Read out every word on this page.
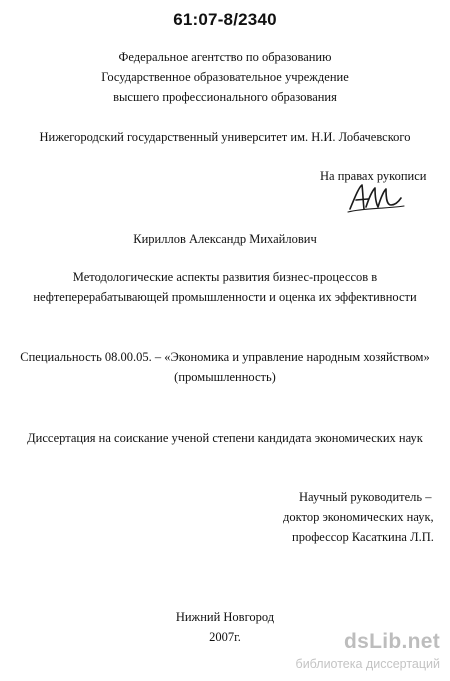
61:07-8/2340
Федеральное агентство по образованию
Государственное образовательное учреждение
высшего профессионального образования
Нижегородский государственный университет им. Н.И. Лобачевского
На правах рукописи
Кириллов Александр Михайлович
Методологические аспекты развития бизнес-процессов в
нефтеперерабатывающей промышленности и оценка их эффективности
Специальность 08.00.05. – «Экономика и управление народным хозяйством»
(промышленность)
Диссертация на соискание ученой степени кандидата экономических наук
Научный руководитель –
доктор экономических наук,
профессор Касаткина Л.П.
Нижний Новгород
2007г.	dsLib.net
библиотека диссертаций
